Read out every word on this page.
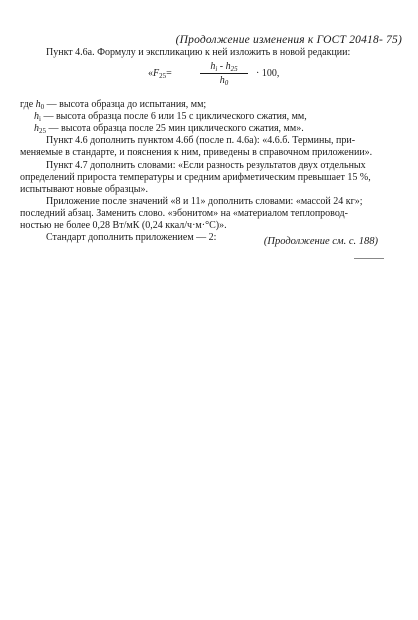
(Продолжение изменения к ГОСТ 20418- 75)
Пункт 4.6а. Формулу и экспликацию к ней изложить в новой редакции:
«$F_{25}=$
$h_i - h_{25}$
$h_0$
· 100,
где $h_0$ — высота образца до испытания, мм;
$h_i$ — высота образца после 6 или 15 с циклического сжатия, мм,
$h_{25}$ — высота образца после 25 мин циклического сжатия, мм».
Пункт 4.6 дополнить пунктом 4.6б (после п. 4.6а): «4.6.б. Термины, при-
меняемые в стандарте, и пояснения к ним, приведены в справочном приложении».
Пункт 4.7 дополнить словами: «Если разность результатов двух отдельных
определений прироста температуры и средним арифметическим превышает 15 %,
испытывают новые образцы».
Приложение после значений «8 и 11» дополнить словами: «массой 24 кг»;
последний абзац. Заменить слово. «эбонитом» на «материалом теплопровод-
ностью не более 0,28 Вт/мК (0,24 ккал/ч·м·°С)».
Стандарт дополнить приложением — 2:	(Продолжение см. с. 188)
